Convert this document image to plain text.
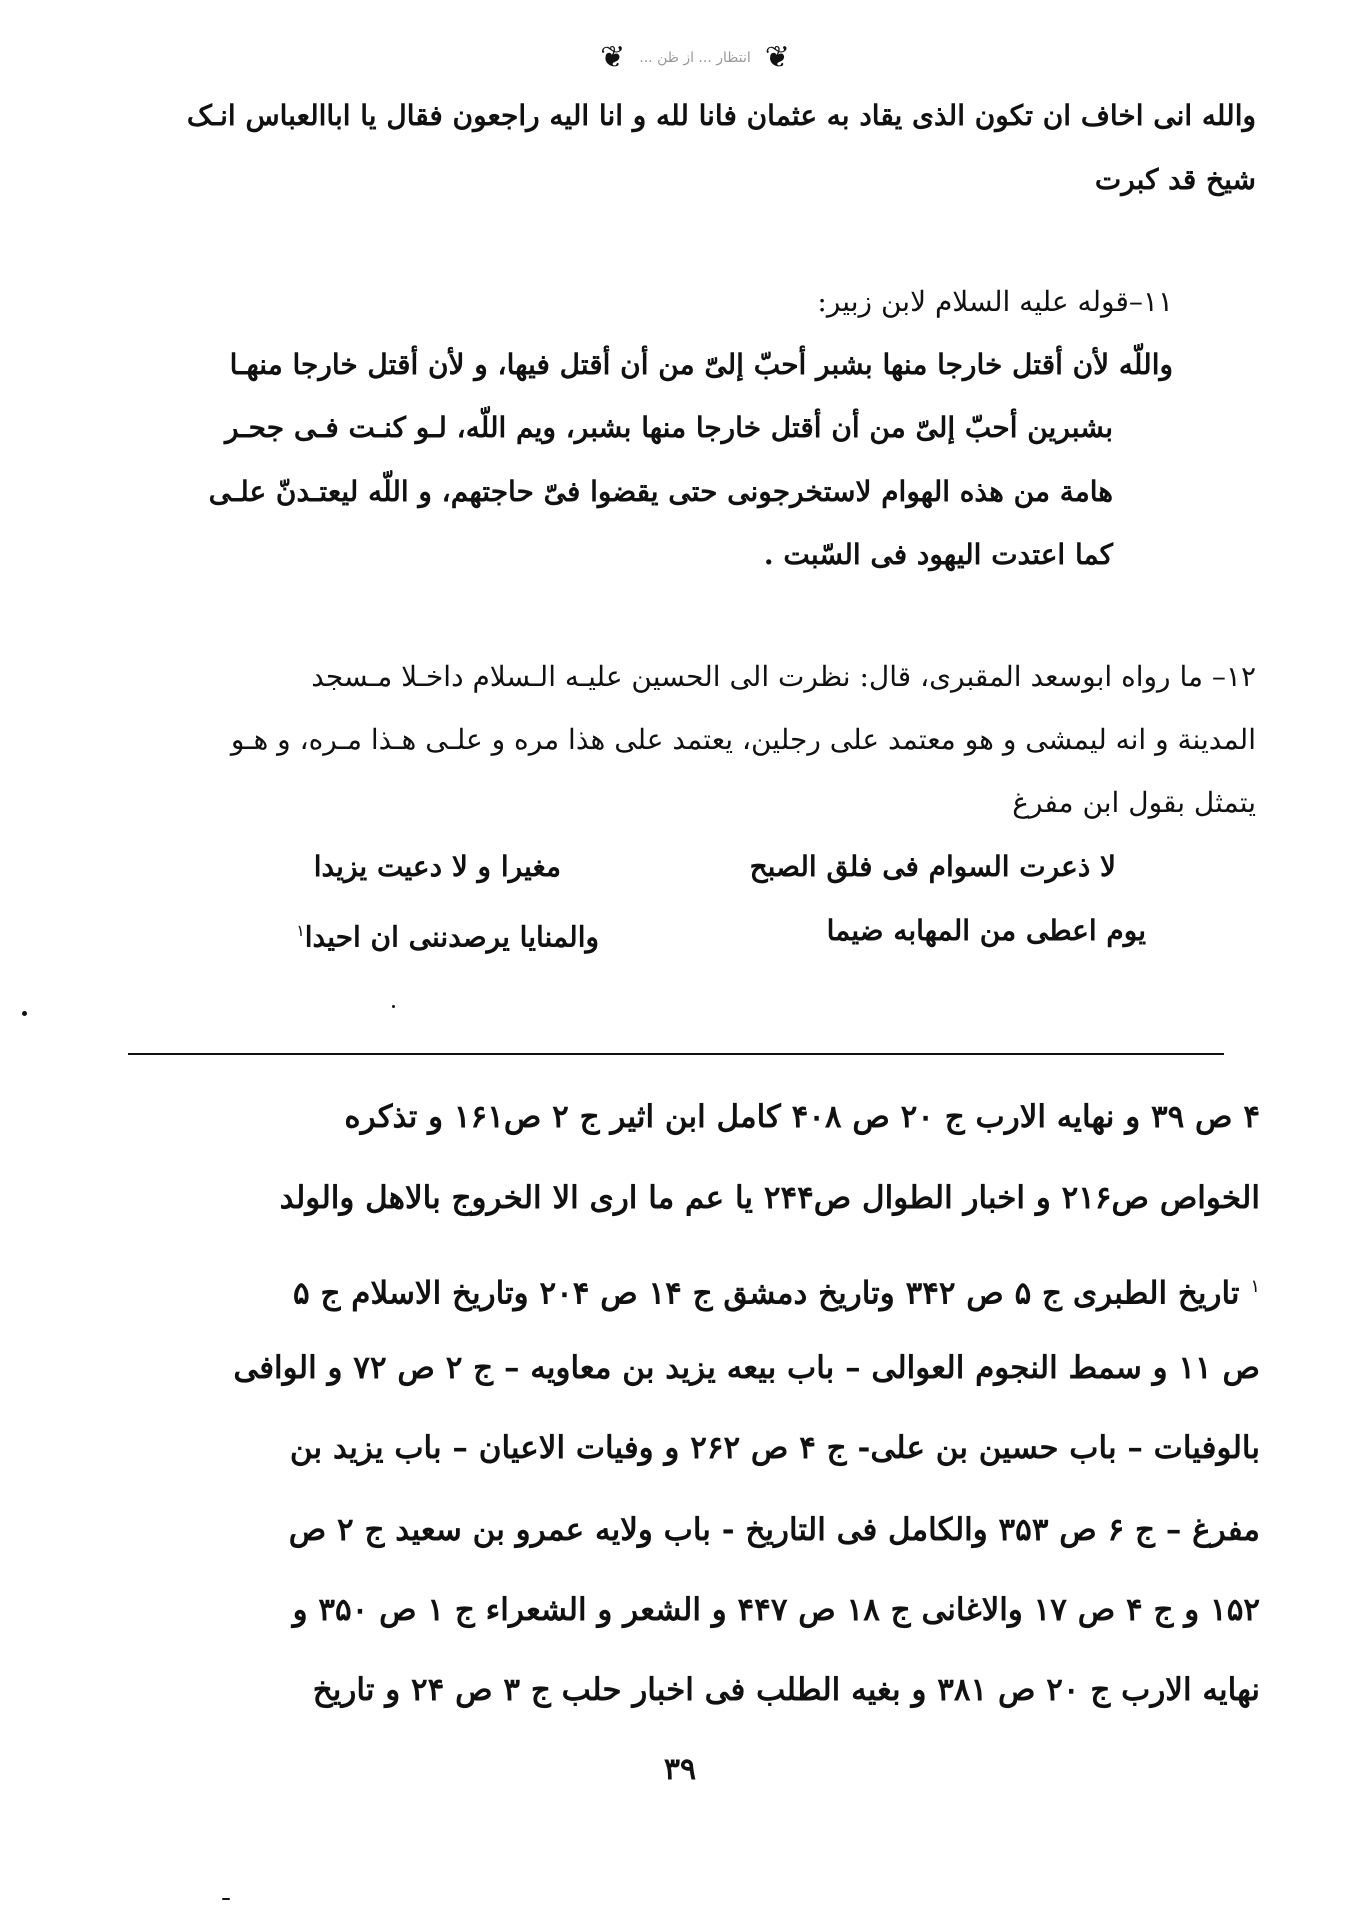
❦
انتظار ... از ظن ...
❦
والله انی اخاف ان تکون الذی یقاد به عثمان فانا لله و انا الیه راجعون فقال یا اباالعباس انـک
شیخ قد کبرت
۱۱–قوله علیه السلام لابن زبیر:
واللّه لأن أقتل خارجا منها بشبر أحبّ إلیّ من أن أقتل فیها، و لأن أقتل خارجا منهـا
بشبرین أحبّ إلیّ من أن أقتل خارجا منها بشبر، ویم اللّه، لـو کنـت فـی جحـر
هامة من هذه الهوام لاستخرجونی حتی یقضوا فیّ حاجتهم، و اللّه لیعتـدنّ علـی
کما اعتدت الیهود فی السّبت .
۱۲– ما رواه ابوسعد المقبری، قال: نظرت الی الحسین علیـه الـسلام داخـلا مـسجد
المدینة و انه لیمشی و هو معتمد علی رجلین، یعتمد علی هذا مره و علـی هـذا مـره، و هـو
یتمثل بقول ابن مفرغ
لا ذعرت السوام فی فلق الصبح
مغیرا و لا دعیت یزیدا
یوم اعطی من المهابه ضیما
والمنایا یرصدننی ان احیدا$^۱$
۴ ص ۳۹ و نهایه الارب ج ۲۰ ص ۴۰۸ کامل ابن اثیر ج ۲ ص۱۶۱ و تذکره
الخواص ص۲۱۶ و اخبار الطوال ص۲۴۴ یا عم ما اری الا الخروج بالاهل والولد
$^۱$ تاریخ الطبری ج ۵ ص ۳۴۲ وتاریخ دمشق ج ۱۴ ص ۲۰۴ وتاریخ الاسلام ج ۵
ص ۱۱ و سمط النجوم العوالی – باب بیعه یزید بن معاویه – ج ۲ ص ۷۲ و الوافی
بالوفیات – باب حسین بن علی- ج ۴ ص ۲۶۲ و وفیات الاعیان – باب یزید بن
مفرغ – ج ۶ ص ۳۵۳ والکامل فی التاریخ - باب ولایه عمرو بن سعید ج ۲ ص
۱۵۲ و ج ۴ ص ۱۷ والاغانی ج ۱۸ ص ۴۴۷ و الشعر و الشعراء ج ۱ ص ۳۵۰ و
نهایه الارب ج ۲۰ ص ۳۸۱ و بغیه الطلب فی اخبار حلب ج ۳ ص ۲۴ و تاریخ
۳۹
